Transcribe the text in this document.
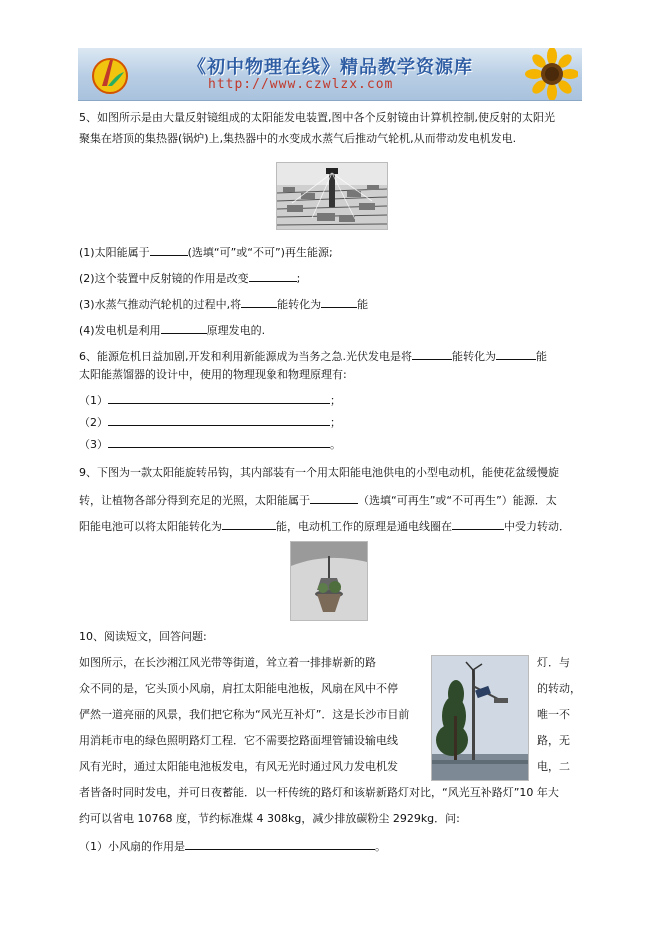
《初中物理在线》精品教学资源库
http://www.czwlzx.com
5、如图所示是由大量反射镜组成的太阳能发电装置,图中各个反射镜由计算机控制,使反射的太阳光
聚集在塔顶的集热器(锅炉)上,集热器中的水变成水蒸气后推动气轮机,从而带动发电机发电.
(1)太阳能属于	(选填“可”或“不可”)再生能源;
(2)这个装置中反射镜的作用是改变	;
(3)水蒸气推动汽轮机的过程中,将	能转化为	能
(4)发电机是利用	原理发电的.
6、能源危机日益加剧,开发和利用新能源成为当务之急.光伏发电是将	能转化为	能
太阳能蒸馏器的设计中，使用的物理现象和物理原理有:
（1）	；
（2）	；
（3）	。
9、下图为一款太阳能旋转吊钩，其内部装有一个用太阳能电池供电的小型电动机，能使花盆缓慢旋
转，让植物各部分得到充足的光照，太阳能属于	（选填“可再生”或“不可再生”）能源．太
阳能电池可以将太阳能转化为	能，电动机工作的原理是通电线圈在	中受力转动．
10、阅读短文，回答问题:
如图所示，在长沙湘江风光带等街道，耸立着一排排崭新的路	灯．与
众不同的是，它头顶小风扇，肩扛太阳能电池板，风扇在风中不停	的转动，
俨然一道亮丽的风景，我们把它称为“风光互补灯”．这是长沙市目前	唯一不
用消耗市电的绿色照明路灯工程．它不需要挖路面埋管铺设输电线	路，无
风有光时，通过太阳能电池板发电，有风无光时通过风力发电机发	电，二
者皆备时同时发电，并可日夜蓄能．以一杆传统的路灯和该崭新路灯对比，“风光互补路灯”10 年大
约可以省电 10768 度，节约标准煤 4 308kg，减少排放碳粉尘 2929kg．问:
（1）小风扇的作用是	。
